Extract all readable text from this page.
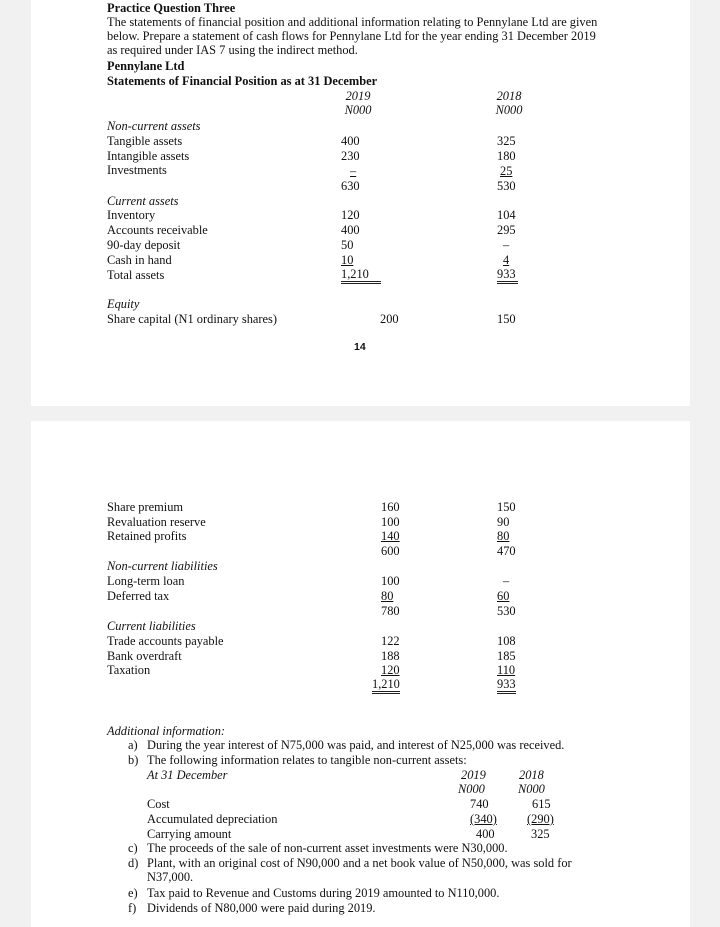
Practice Question Three
The statements of financial position and additional information relating to Pennylane Ltd are given below. Prepare a statement of cash flows for Pennylane Ltd for the year ending 31 December 2019 as required under IAS 7 using the indirect method.
Pennylane Ltd
Statements of Financial Position as at 31 December
2019
N000
2018
N000
Non-current assets
Tangible assets	400	325
Intangible assets	230	180
Investments	–	25
630	530
Current assets
Inventory	120	104
Accounts receivable	400	295
90-day deposit	50	–
Cash in hand	10	4
Total assets	1,210	933
Equity
Share capital (N1 ordinary shares)	200	150
14
Share premium	160	150
Revaluation reserve	100	90
Retained profits	140	80
600	470
Non-current liabilities
Long-term loan	100	–
Deferred tax	80	60
780	530
Current liabilities
Trade accounts payable	122	108
Bank overdraft	188	185
Taxation	120	110
1,210	933
Additional information:
a) During the year interest of N75,000 was paid, and interest of N25,000 was received.
b) The following information relates to tangible non-current assets:
At 31 December	2019
N000
2018
N000
Cost	740	615
Accumulated depreciation	(340) (290)
Carrying amount	400	325
c) The proceeds of the sale of non-current asset investments were N30,000.
d) Plant, with an original cost of N90,000 and a net book value of N50,000, was sold for N37,000.
e) Tax paid to Revenue and Customs during 2019 amounted to N110,000.
f) Dividends of N80,000 were paid during 2019.
